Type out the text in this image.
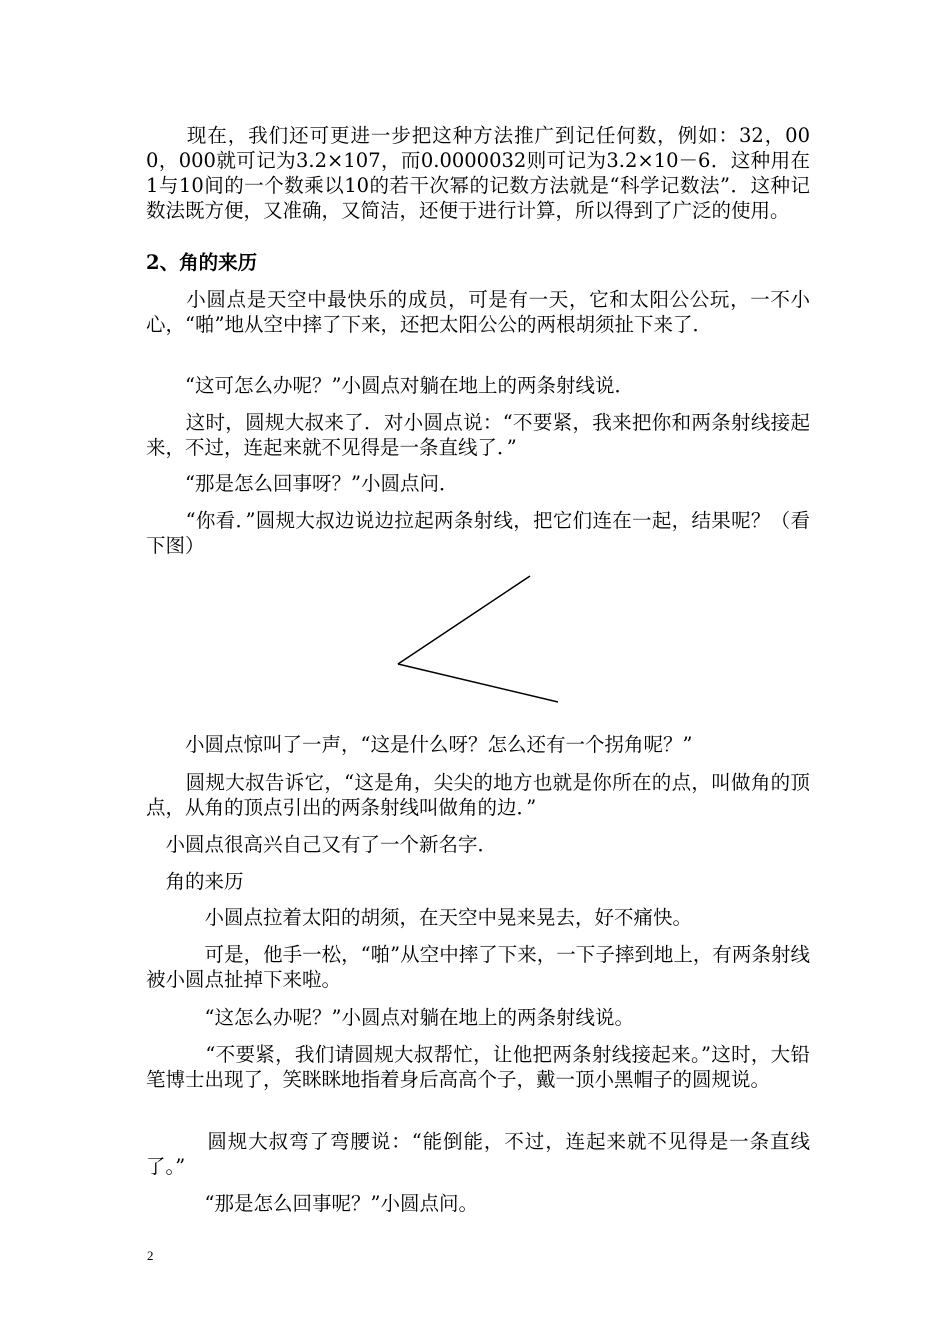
　　现在，我们还可更进一步把这种方法推广到记任何数，例如：32，000，000就可记为3.2×107，而0.0000032则可记为3.2×10－6．这种用在1与10间的一个数乘以10的若干次幂的记数方法就是“科学记数法”．这种记数法既方便，又准确，又简洁，还便于进行计算，所以得到了广泛的使用。

2、角的来历

　　小圆点是天空中最快乐的成员，可是有一天，它和太阳公公玩，一不小心，“啪”地从空中摔了下来，还把太阳公公的两根胡须扯下来了．

　　“这可怎么办呢？”小圆点对躺在地上的两条射线说．

　　这时，圆规大叔来了．对小圆点说：“不要紧，我来把你和两条射线接起来，不过，连起来就不见得是一条直线了．”

　　“那是怎么回事呀？”小圆点问．

　　“你看．”圆规大叔边说边拉起两条射线，把它们连在一起，结果呢？（看下图）

　　小圆点惊叫了一声，“这是什么呀？怎么还有一个拐角呢？”

　　圆规大叔告诉它，“这是角，尖尖的地方也就是你所在的点，叫做角的顶点，从角的顶点引出的两条射线叫做角的边．”

　小圆点很高兴自己又有了一个新名字．

　角的来历

　　　小圆点拉着太阳的胡须，在天空中晃来晃去，好不痛快。

　　　可是，他手一松，“啪”从空中摔了下来，一下子摔到地上，有两条射线被小圆点扯掉下来啦。

　　　“这怎么办呢？”小圆点对躺在地上的两条射线说。

　　　“不要紧，我们请圆规大叔帮忙，让他把两条射线接起来。”这时，大铅笔博士出现了，笑眯眯地指着身后高高个子，戴一顶小黑帽子的圆规说。

　　　圆规大叔弯了弯腰说：“能倒能，不过，连起来就不见得是一条直线了。”

　　　“那是怎么回事呢？”小圆点问。

2
